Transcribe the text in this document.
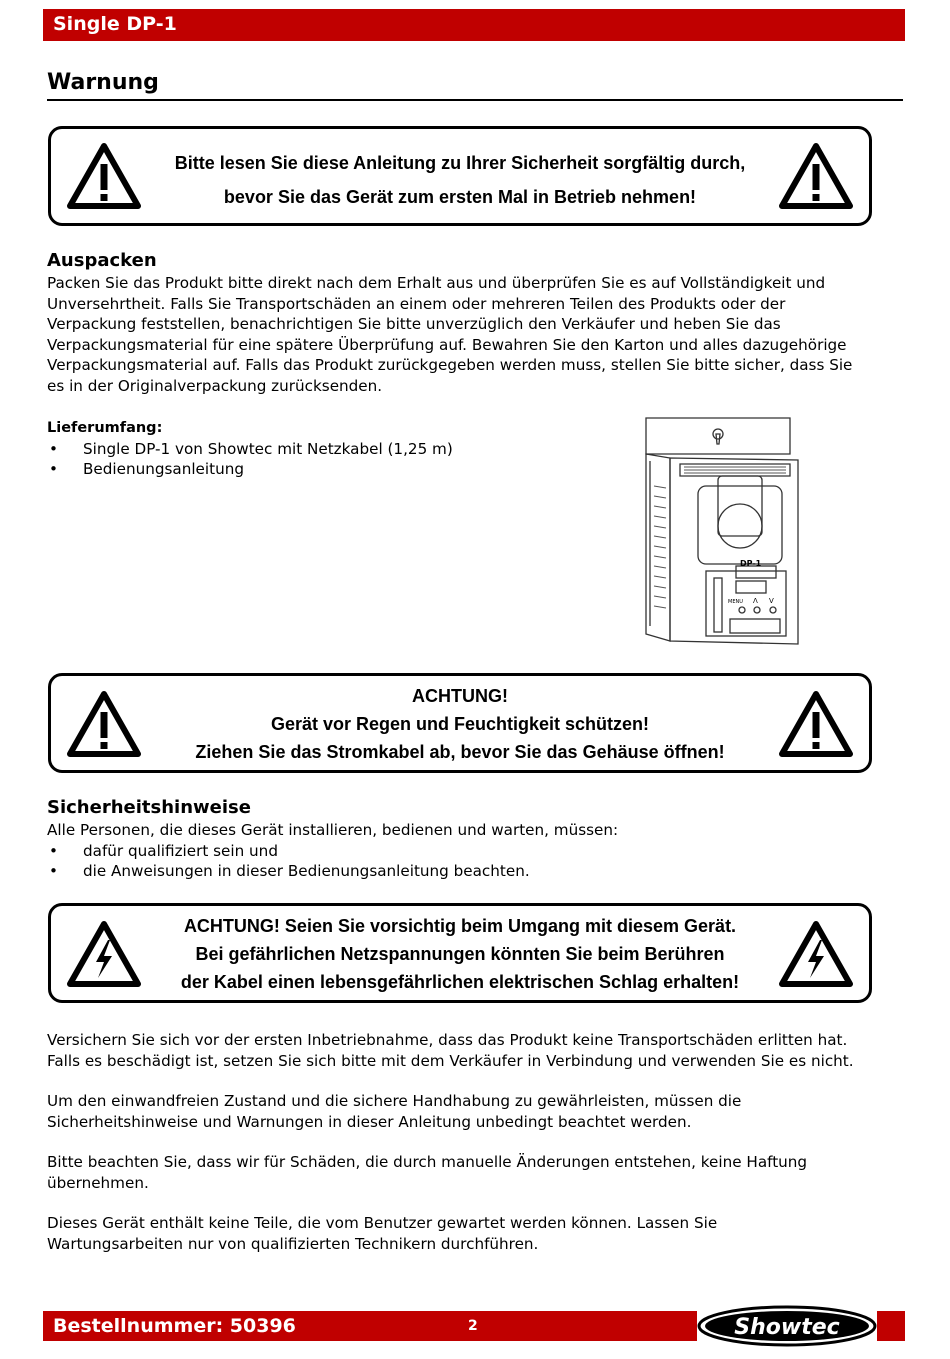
Single DP-1
Warnung
Bitte lesen Sie diese Anleitung zu Ihrer Sicherheit sorgfältig durch,
bevor Sie das Gerät zum ersten Mal in Betrieb nehmen!
Auspacken
Packen Sie das Produkt bitte direkt nach dem Erhalt aus und überprüfen Sie es auf Vollständigkeit und
Unversehrtheit. Falls Sie Transportschäden an einem oder mehreren Teilen des Produkts oder der
Verpackung feststellen, benachrichtigen Sie bitte unverzüglich den Verkäufer und heben Sie das
Verpackungsmaterial für eine spätere Überprüfung auf. Bewahren Sie den Karton und alles dazugehörige
Verpackungsmaterial auf. Falls das Produkt zurückgegeben werden muss, stellen Sie bitte sicher, dass Sie
es in der Originalverpackung zurücksenden.
Lieferumfang:
• Single DP-1 von Showtec mit Netzkabel (1,25 m)
• Bedienungsanleitung
DP-1
MENU Λ V
ACHTUNG!
Gerät vor Regen und Feuchtigkeit schützen!
Ziehen Sie das Stromkabel ab, bevor Sie das Gehäuse öffnen!
Sicherheitshinweise
Alle Personen, die dieses Gerät installieren, bedienen und warten, müssen:
• dafür qualifiziert sein und
• die Anweisungen in dieser Bedienungsanleitung beachten.
ACHTUNG! Seien Sie vorsichtig beim Umgang mit diesem Gerät.
Bei gefährlichen Netzspannungen könnten Sie beim Berühren
der Kabel einen lebensgefährlichen elektrischen Schlag erhalten!
Versichern Sie sich vor der ersten Inbetriebnahme, dass das Produkt keine Transportschäden erlitten hat.
Falls es beschädigt ist, setzen Sie sich bitte mit dem Verkäufer in Verbindung und verwenden Sie es nicht.
Um den einwandfreien Zustand und die sichere Handhabung zu gewährleisten, müssen die
Sicherheitshinweise und Warnungen in dieser Anleitung unbedingt beachtet werden.
Bitte beachten Sie, dass wir für Schäden, die durch manuelle Änderungen entstehen, keine Haftung
übernehmen.
Dieses Gerät enthält keine Teile, die vom Benutzer gewartet werden können. Lassen Sie
Wartungsarbeiten nur von qualifizierten Technikern durchführen.
Bestellnummer: 50396	2	Showtec
